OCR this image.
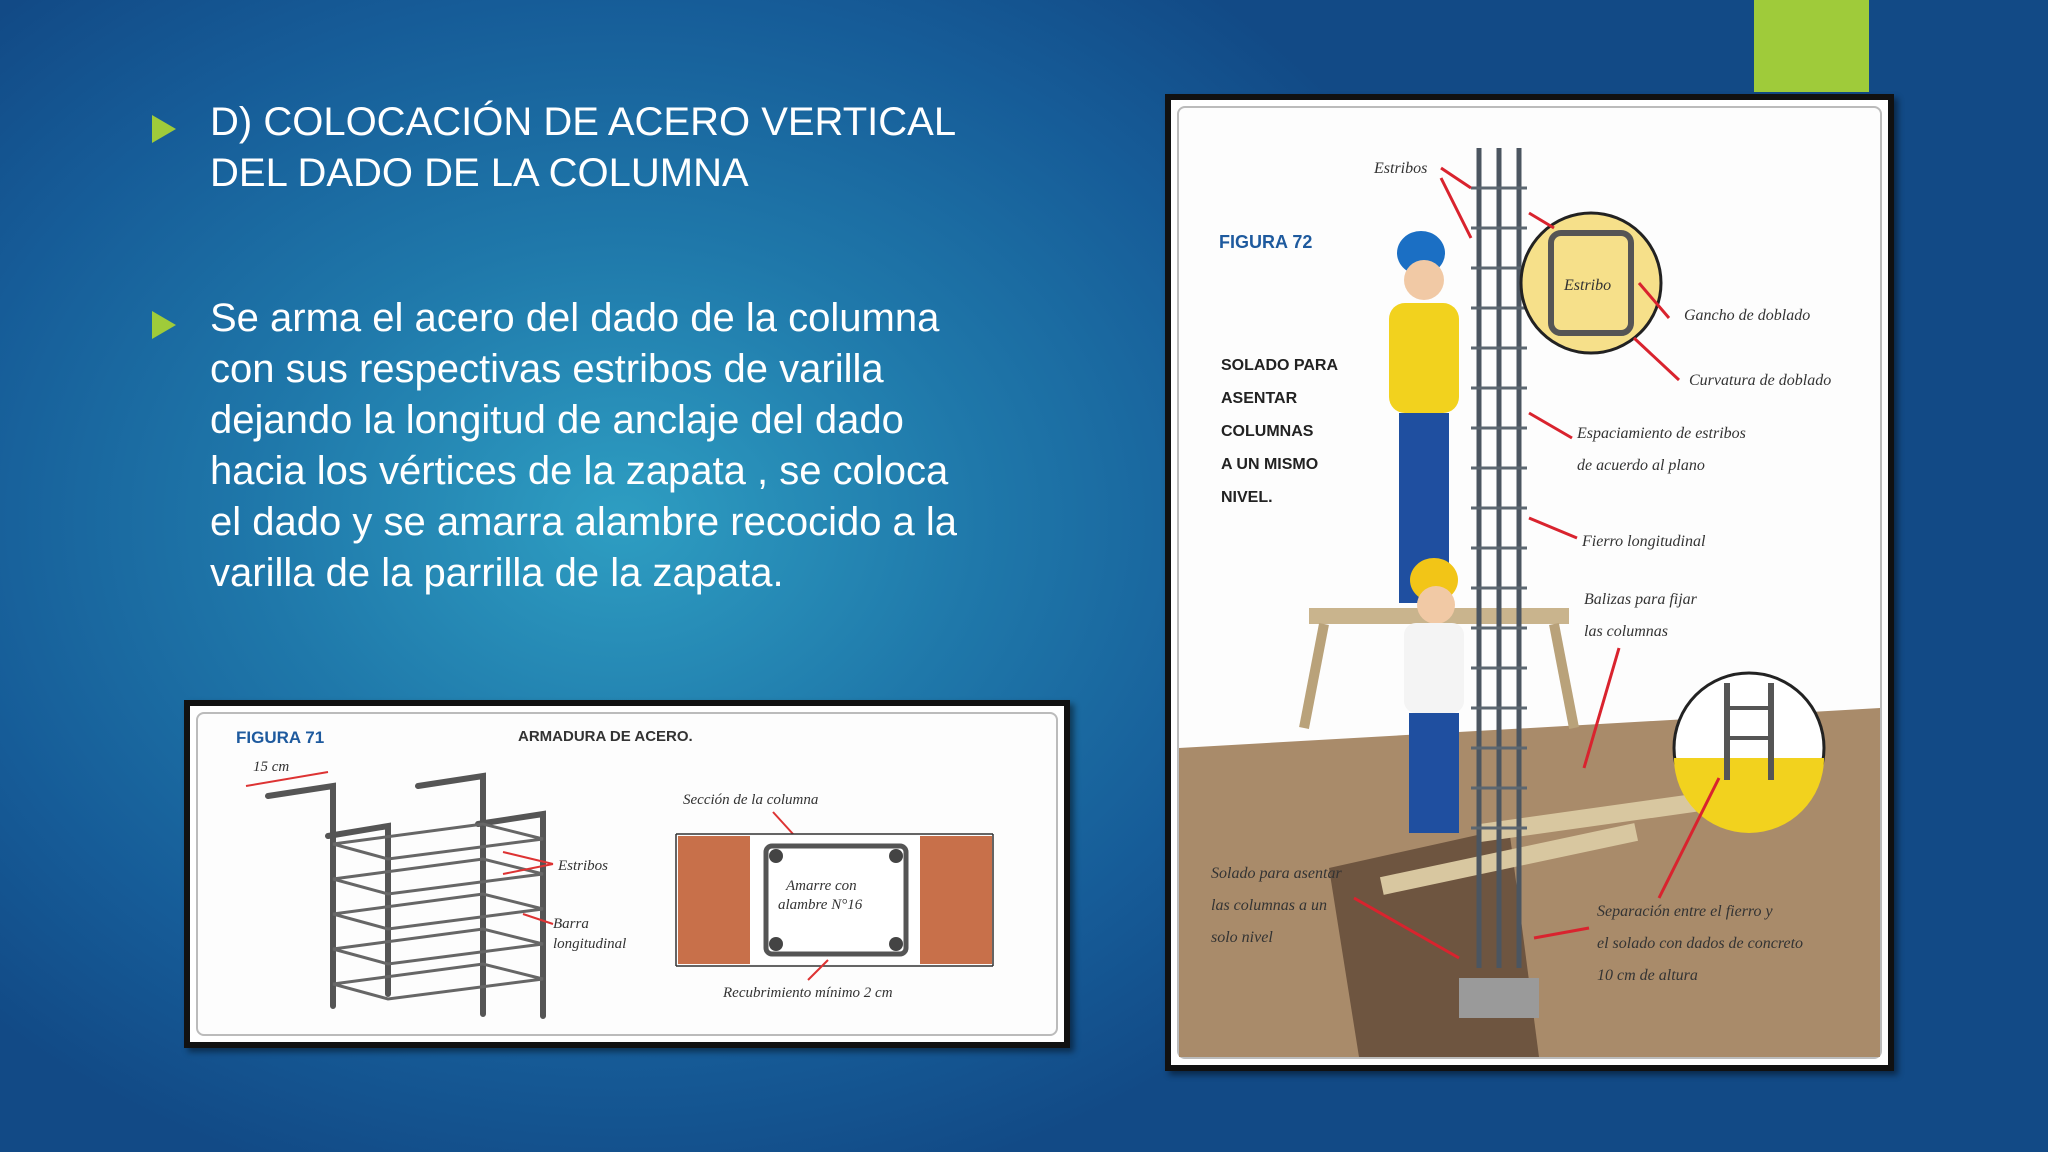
D) COLOCACIÓN DE ACERO VERTICAL
DEL DADO DE LA COLUMNA
Se arma el acero del dado de la columna
con sus respectivas estribos de varilla
dejando la longitud de anclaje del dado
hacia los vértices de la zapata , se coloca
el dado y se amarra alambre recocido a la
varilla de la parrilla de la zapata.
FIGURA 71	ARMADURA DE ACERO.
15 cm
Estribos
Barra
longitudinal
Sección de la columna
Amarre con
alambre N°16
Recubrimiento mínimo 2 cm
Estribo
FIGURA 72
SOLADO PARA
ASENTAR
COLUMNAS
A UN MISMO
NIVEL.
Estribos
Gancho de doblado
Curvatura de doblado
Espaciamiento de estribos
de acuerdo al plano
Fierro longitudinal
Balizas para fijar
las columnas
Solado para asentar
las columnas a un
solo nivel
Separación entre el fierro y
el solado con dados de concreto
10 cm de altura
